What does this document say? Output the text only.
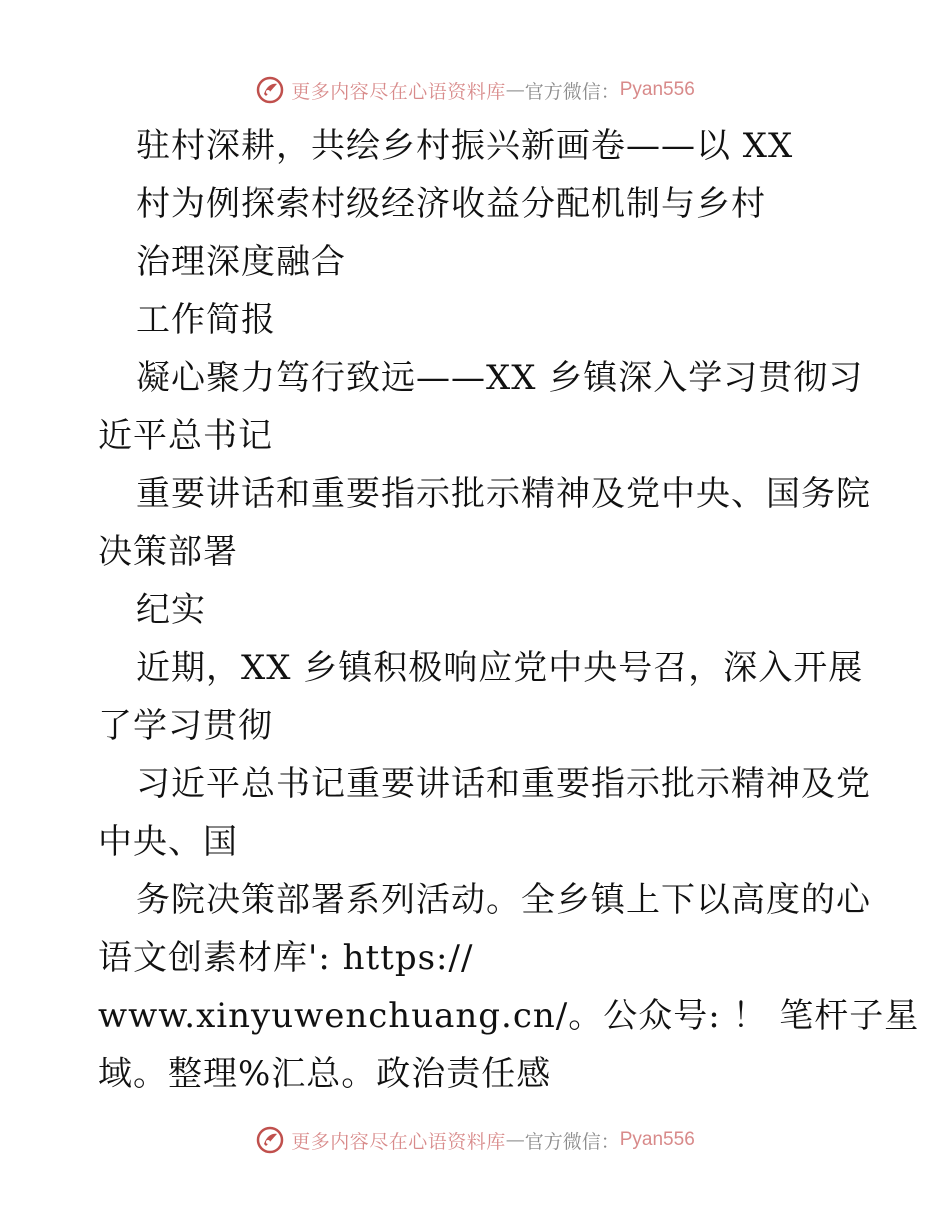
更多内容尽在心语资料库 — 官方微信： Pyan556
驻村深耕，共绘乡村振兴新画卷——以 XX
村为例探索村级经济收益分配机制与乡村
治理深度融合
工作简报
凝心聚力笃行致远——XX 乡镇深入学习贯彻习
近平总书记
重要讲话和重要指示批示精神及党中央、国务院
决策部署
纪实
近期，XX 乡镇积极响应党中央号召，深入开展
了学习贯彻
习近平总书记重要讲话和重要指示批示精神及党
中央、国
务院决策部署系列活动。全乡镇上下以高度的心
语文创素材库': https://
www.xinyuwenchuang.cn/。公众号: ！ 笔杆子星
域。整理%汇总。政治责任感
更多内容尽在心语资料库 — 官方微信： Pyan556
